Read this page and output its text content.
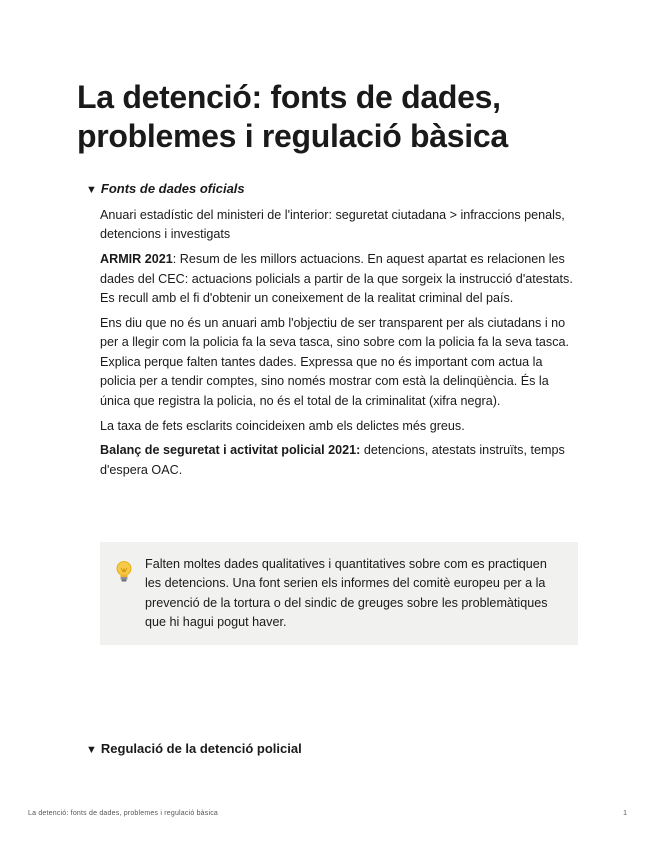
La detenció: fonts de dades, problemes i regulació bàsica
▼ Fonts de dades oficials

Anuari estadístic del ministeri de l'interior: seguretat ciutadana > infraccions penals, detencions i investigats

ARMIR 2021: Resum de les millors actuacions. En aquest apartat es relacionen les dades del CEC: actuacions policials a partir de la que sorgeix la instrucció d'atestats. Es recull amb el fi d'obtenir un coneixement de la realitat criminal del país.

Ens diu que no és un anuari amb l'objectiu de ser transparent per als ciutadans i no per a llegir com la policia fa la seva tasca, sino sobre com la policia fa la seva tasca. Explica perque falten tantes dades. Expressa que no és important com actua la policia per a tendir comptes, sino només mostrar com està la delinqüència. És la única que registra la policia, no és el total de la criminalitat (xifra negra).

La taxa de fets esclarits coincideixen amb els delictes més greus.

Balanç de seguretat i activitat policial 2021: detencions, atestats instruïts, temps d'espera OAC.

Falten moltes dades qualitatives i quantitatives sobre com es practiquen les detencions. Una font serien els informes del comitè europeu per a la prevenció de la tortura o del sindic de greuges sobre les problemàtiques que hi hagui pogut haver.
▼ Regulació de la detenció policial
La detenció: fonts de dades, problemes i regulació bàsica	1
